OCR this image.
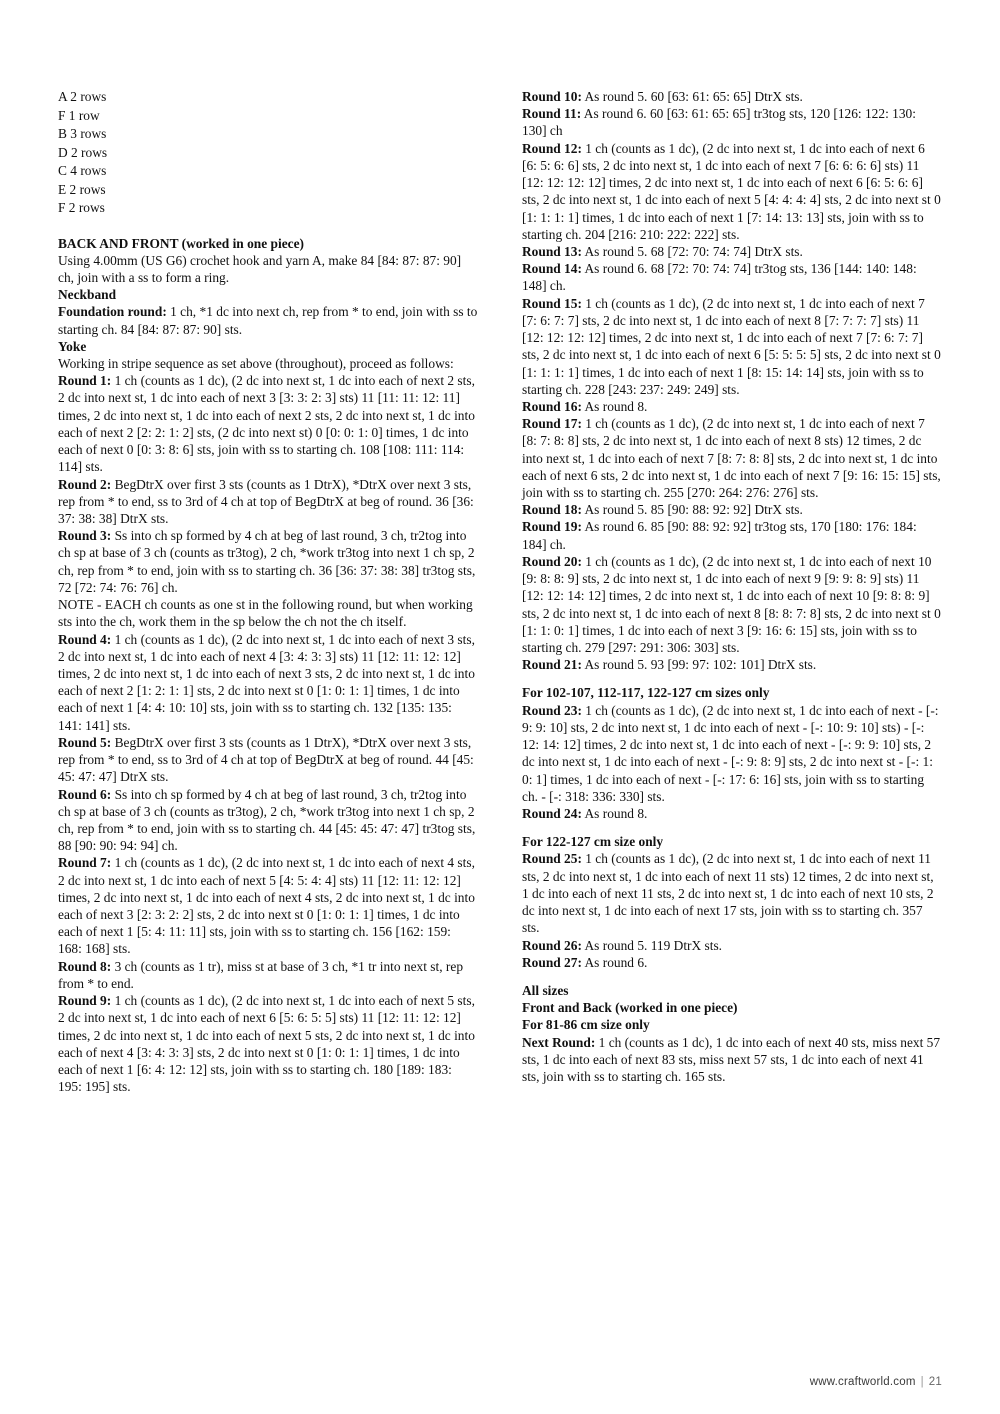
A 2 rows

F 1 row

B 3 rows

D 2 rows

C 4 rows

E 2 rows

F 2 rows

BACK AND FRONT (worked in one piece)

Using 4.00mm (US G6) crochet hook and yarn A, make 84 [84: 87: 87: 90] ch, join with a ss to form a ring.

Neckband

Foundation round: 1 ch, *1 dc into next ch, rep from * to end, join with ss to starting ch. 84 [84: 87: 87: 90] sts.

Yoke

Working in stripe sequence as set above (throughout), proceed as follows:

Round 1: 1 ch (counts as 1 dc), (2 dc into next st, 1 dc into each of next 2 sts, 2 dc into next st, 1 dc into each of next 3 [3: 3: 2: 3] sts) 11 [11: 11: 12: 11] times, 2 dc into next st, 1 dc into each of next 2 sts, 2 dc into next st, 1 dc into each of next 2 [2: 2: 1: 2] sts, (2 dc into next st) 0 [0: 0: 1: 0] times, 1 dc into each of next 0 [0: 3: 8: 6] sts, join with ss to starting ch. 108 [108: 111: 114: 114] sts.

Round 2: BegDtrX over first 3 sts (counts as 1 DtrX), *DtrX over next 3 sts, rep from * to end, ss to 3rd of 4 ch at top of BegDtrX at beg of round. 36 [36: 37: 38: 38] DtrX sts.

Round 3: Ss into ch sp formed by 4 ch at beg of last round, 3 ch, tr2tog into ch sp at base of 3 ch (counts as tr3tog), 2 ch, *work tr3tog into next 1 ch sp, 2 ch, rep from * to end, join with ss to starting ch. 36 [36: 37: 38: 38] tr3tog sts, 72 [72: 74: 76: 76] ch.

NOTE - EACH ch counts as one st in the following round, but when working sts into the ch, work them in the sp below the ch not the ch itself.

Round 4: 1 ch (counts as 1 dc), (2 dc into next st, 1 dc into each of next 3 sts, 2 dc into next st, 1 dc into each of next 4 [3: 4: 3: 3] sts) 11 [12: 11: 12: 12] times, 2 dc into next st, 1 dc into each of next 3 sts, 2 dc into next st, 1 dc into each of next 2 [1: 2: 1: 1] sts, 2 dc into next st 0 [1: 0: 1: 1] times, 1 dc into each of next 1 [4: 4: 10: 10] sts, join with ss to starting ch. 132 [135: 135: 141: 141] sts.

Round 5: BegDtrX over first 3 sts (counts as 1 DtrX), *DtrX over next 3 sts, rep from * to end, ss to 3rd of 4 ch at top of BegDtrX at beg of round. 44 [45: 45: 47: 47] DtrX sts.

Round 6: Ss into ch sp formed by 4 ch at beg of last round, 3 ch, tr2tog into ch sp at base of 3 ch (counts as tr3tog), 2 ch, *work tr3tog into next 1 ch sp, 2 ch, rep from * to end, join with ss to starting ch. 44 [45: 45: 47: 47] tr3tog sts, 88 [90: 90: 94: 94] ch.

Round 7: 1 ch (counts as 1 dc), (2 dc into next st, 1 dc into each of next 4 sts, 2 dc into next st, 1 dc into each of next 5 [4: 5: 4: 4] sts) 11 [12: 11: 12: 12] times, 2 dc into next st, 1 dc into each of next 4 sts, 2 dc into next st, 1 dc into each of next 3 [2: 3: 2: 2] sts, 2 dc into next st 0 [1: 0: 1: 1] times, 1 dc into each of next 1 [5: 4: 11: 11] sts, join with ss to starting ch. 156 [162: 159: 168: 168] sts.

Round 8: 3 ch (counts as 1 tr), miss st at base of 3 ch, *1 tr into next st, rep from * to end.

Round 9: 1 ch (counts as 1 dc), (2 dc into next st, 1 dc into each of next 5 sts, 2 dc into next st, 1 dc into each of next 6 [5: 6: 5: 5] sts) 11 [12: 11: 12: 12] times, 2 dc into next st, 1 dc into each of next 5 sts, 2 dc into next st, 1 dc into each of next 4 [3: 4: 3: 3] sts, 2 dc into next st 0 [1: 0: 1: 1] times, 1 dc into each of next 1 [6: 4: 12: 12] sts, join with ss to starting ch. 180 [189: 183: 195: 195] sts.

Round 10: As round 5. 60 [63: 61: 65: 65] DtrX sts.

Round 11: As round 6. 60 [63: 61: 65: 65] tr3tog sts, 120 [126: 122: 130: 130] ch

Round 12: 1 ch (counts as 1 dc), (2 dc into next st, 1 dc into each of next 6 [6: 5: 6: 6] sts, 2 dc into next st, 1 dc into each of next 7 [6: 6: 6: 6] sts) 11 [12: 12: 12: 12] times, 2 dc into next st, 1 dc into each of next 6 [6: 5: 6: 6] sts, 2 dc into next st, 1 dc into each of next 5 [4: 4: 4: 4] sts, 2 dc into next st 0 [1: 1: 1: 1] times, 1 dc into each of next 1 [7: 14: 13: 13] sts, join with ss to starting ch. 204 [216: 210: 222: 222] sts.

Round 13: As round 5. 68 [72: 70: 74: 74] DtrX sts.

Round 14: As round 6. 68 [72: 70: 74: 74] tr3tog sts, 136 [144: 140: 148: 148] ch.

Round 15: 1 ch (counts as 1 dc), (2 dc into next st, 1 dc into each of next 7 [7: 6: 7: 7] sts, 2 dc into next st, 1 dc into each of next 8 [7: 7: 7: 7] sts) 11 [12: 12: 12: 12] times, 2 dc into next st, 1 dc into each of next 7 [7: 6: 7: 7] sts, 2 dc into next st, 1 dc into each of next 6 [5: 5: 5: 5] sts, 2 dc into next st 0 [1: 1: 1: 1] times, 1 dc into each of next 1 [8: 15: 14: 14] sts, join with ss to starting ch. 228 [243: 237: 249: 249] sts.

Round 16: As round 8.

Round 17: 1 ch (counts as 1 dc), (2 dc into next st, 1 dc into each of next 7 [8: 7: 8: 8] sts, 2 dc into next st, 1 dc into each of next 8 sts) 12 times, 2 dc into next st, 1 dc into each of next 7 [8: 7: 8: 8] sts, 2 dc into next st, 1 dc into each of next 6 sts, 2 dc into next st, 1 dc into each of next 7 [9: 16: 15: 15] sts, join with ss to starting ch. 255 [270: 264: 276: 276] sts.

Round 18: As round 5. 85 [90: 88: 92: 92] DtrX sts.

Round 19: As round 6. 85 [90: 88: 92: 92] tr3tog sts, 170 [180: 176: 184: 184] ch.

Round 20: 1 ch (counts as 1 dc), (2 dc into next st, 1 dc into each of next 10 [9: 8: 8: 9] sts, 2 dc into next st, 1 dc into each of next 9 [9: 9: 8: 9] sts) 11 [12: 12: 14: 12] times, 2 dc into next st, 1 dc into each of next 10 [9: 8: 8: 9] sts, 2 dc into next st, 1 dc into each of next 8 [8: 8: 7: 8] sts, 2 dc into next st 0 [1: 1: 0: 1] times, 1 dc into each of next 3 [9: 16: 6: 15] sts, join with ss to starting ch. 279 [297: 291: 306: 303] sts.

Round 21: As round 5. 93 [99: 97: 102: 101] DtrX sts.

For 102-107, 112-117, 122-127 cm sizes only

Round 23: 1 ch (counts as 1 dc), (2 dc into next st, 1 dc into each of next - [-: 9: 9: 10] sts, 2 dc into next st, 1 dc into each of next - [-: 10: 9: 10] sts) - [-: 12: 14: 12] times, 2 dc into next st, 1 dc into each of next - [-: 9: 9: 10] sts, 2 dc into next st, 1 dc into each of next - [-: 9: 8: 9] sts, 2 dc into next st - [-: 1: 0: 1] times, 1 dc into each of next - [-: 17: 6: 16] sts, join with ss to starting ch. - [-: 318: 336: 330] sts.

Round 24: As round 8.

For 122-127 cm size only

Round 25: 1 ch (counts as 1 dc), (2 dc into next st, 1 dc into each of next 11 sts, 2 dc into next st, 1 dc into each of next 11 sts) 12 times, 2 dc into next st, 1 dc into each of next 11 sts, 2 dc into next st, 1 dc into each of next 10 sts, 2 dc into next st, 1 dc into each of next 17 sts, join with ss to starting ch. 357 sts.

Round 26: As round 5. 119 DtrX sts.

Round 27: As round 6.

All sizes

Front and Back (worked in one piece)

For 81-86 cm size only

Next Round: 1 ch (counts as 1 dc), 1 dc into each of next 40 sts, miss next 57 sts, 1 dc into each of next 83 sts, miss next 57 sts, 1 dc into each of next 41 sts, join with ss to starting ch. 165 sts.

www.craftworld.com | 21
